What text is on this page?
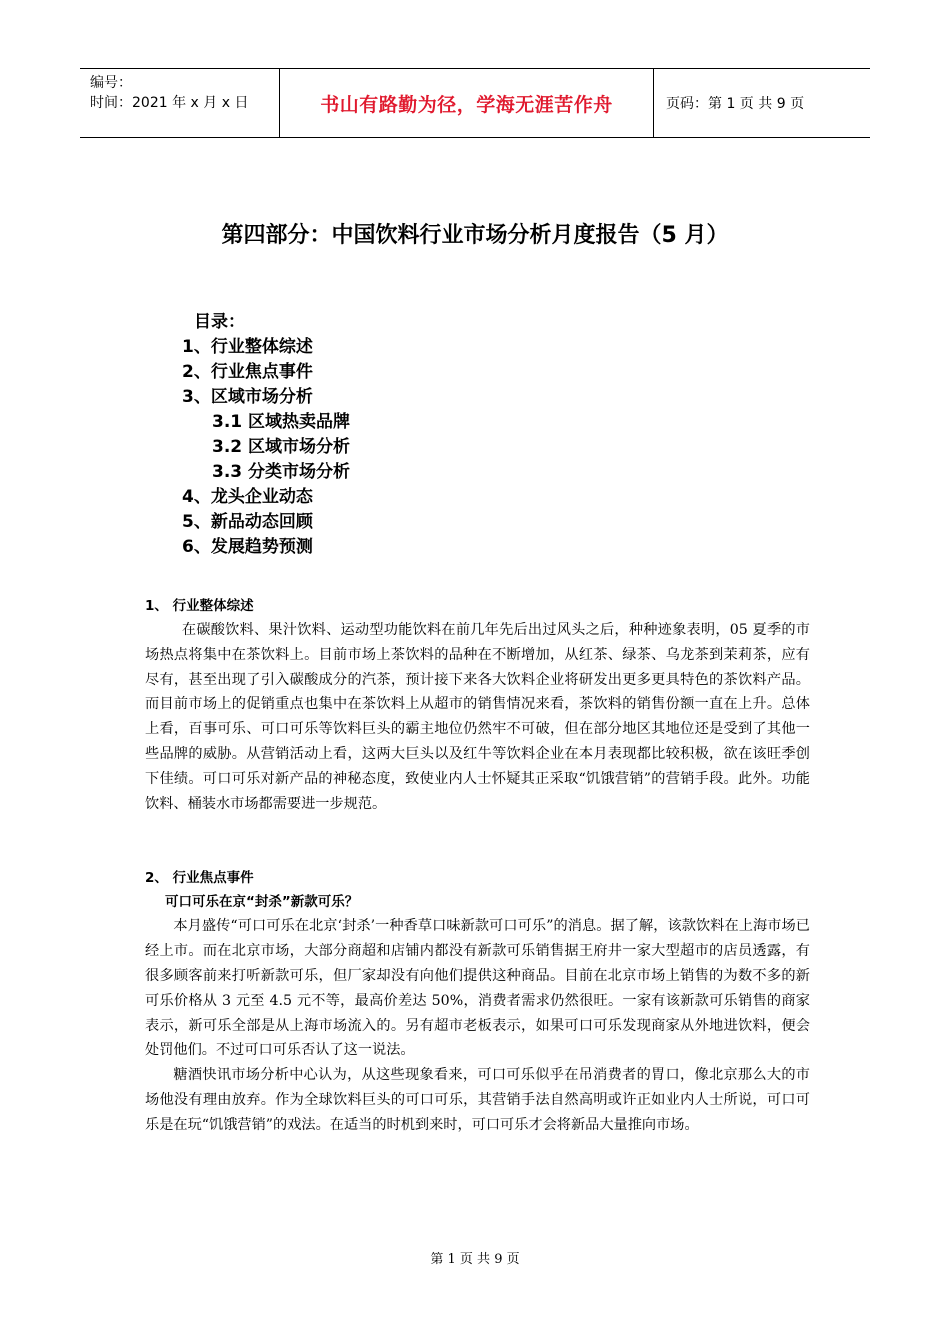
编号：
时间：2021 年 x 月 x 日	书山有路勤为径，学海无涯苦作舟	页码：第 1 页 共 9 页
第四部分：中国饮料行业市场分析月度报告（5 月）
目录：
1、行业整体综述
2、行业焦点事件
3、区域市场分析
3.1 区域热卖品牌
3.2 区域市场分析
3.3 分类市场分析
4、龙头企业动态
5、新品动态回顾
6、发展趋势预测
1、 行业整体综述

在碳酸饮料、果汁饮料、运动型功能饮料在前几年先后出过风头之后，种种迹象表明，05 夏季的市场热点将集中在茶饮料上。目前市场上茶饮料的品种在不断增加，从红茶、绿茶、乌龙茶到茉莉茶，应有尽有，甚至出现了引入碳酸成分的汽茶，预计接下来各大饮料企业将研发出更多更具特色的茶饮料产品。而目前市场上的促销重点也集中在茶饮料上从超市的销售情况来看，茶饮料的销售份额一直在上升。总体上看，百事可乐、可口可乐等饮料巨头的霸主地位仍然牢不可破，但在部分地区其地位还是受到了其他一些品牌的威胁。从营销活动上看，这两大巨头以及红牛等饮料企业在本月表现都比较积极，欲在该旺季创下佳绩。可口可乐对新产品的神秘态度，致使业内人士怀疑其正采取“饥饿营销”的营销手段。此外。功能饮料、桶装水市场都需要进一步规范。

2、 行业焦点事件
可口可乐在京“封杀”新款可乐？

本月盛传“可口可乐在北京‘封杀’一种香草口味新款可口可乐”的消息。据了解，该款饮料在上海市场已经上市。而在北京市场，大部分商超和店铺内都没有新款可乐销售据王府井一家大型超市的店员透露，有很多顾客前来打听新款可乐，但厂家却没有向他们提供这种商品。目前在北京市场上销售的为数不多的新可乐价格从 3 元至 4.5 元不等，最高价差达 50%，消费者需求仍然很旺。一家有该新款可乐销售的商家表示，新可乐全部是从上海市场流入的。另有超市老板表示，如果可口可乐发现商家从外地进饮料，便会处罚他们。不过可口可乐否认了这一说法。

糖酒快讯市场分析中心认为，从这些现象看来，可口可乐似乎在吊消费者的胃口，像北京那么大的市场他没有理由放弃。作为全球饮料巨头的可口可乐，其营销手法自然高明或许正如业内人士所说，可口可乐是在玩“饥饿营销”的戏法。在适当的时机到来时，可口可乐才会将新品大量推向市场。

第 1 页 共 9 页
